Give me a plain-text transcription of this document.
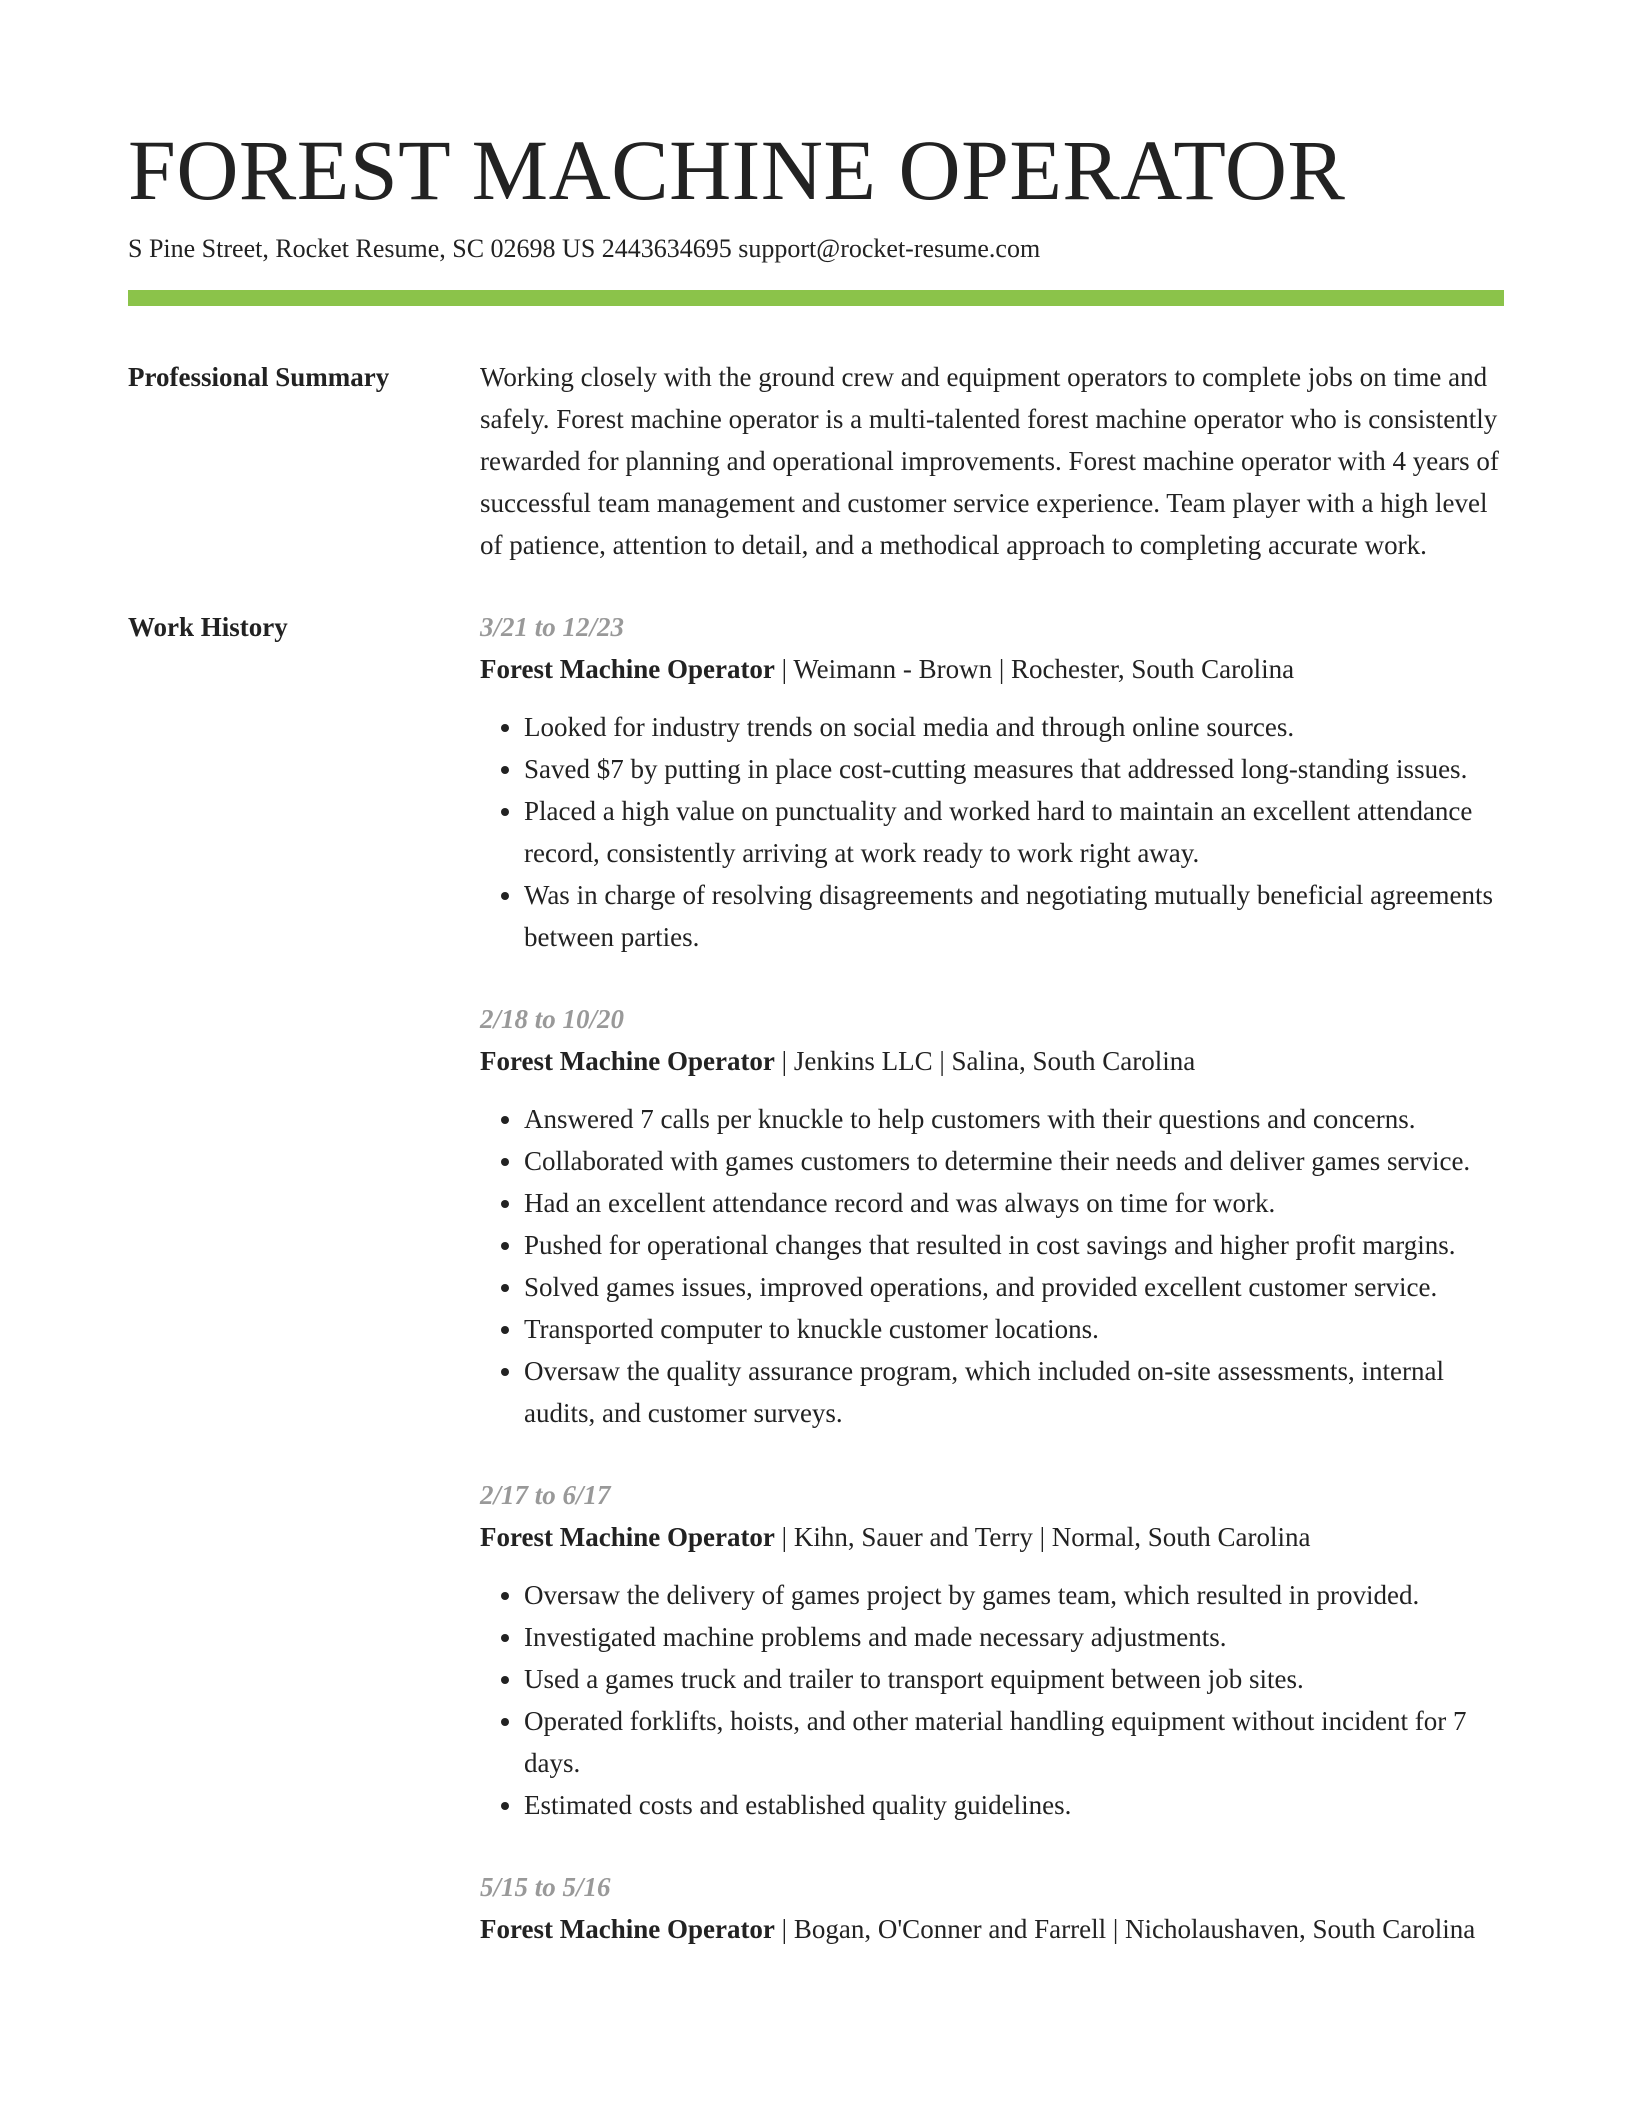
FOREST MACHINE OPERATOR
S Pine Street, Rocket Resume, SC 02698 US 2443634695 support@rocket-resume.com
Professional Summary	Working closely with the ground crew and equipment operators to complete jobs on time and safely. Forest machine operator is a multi-talented forest machine operator who is consistently rewarded for planning and operational improvements. Forest machine operator with 4 years of successful team management and customer service experience. Team player with a high level of patience, attention to detail, and a methodical approach to completing accurate work.
Work History	3/21 to 12/23
Forest Machine Operator | Weimann - Brown | Rochester, South Carolina
• Looked for industry trends on social media and through online sources.
• Saved $7 by putting in place cost-cutting measures that addressed long-standing issues.
• Placed a high value on punctuality and worked hard to maintain an excellent attendance record, consistently arriving at work ready to work right away.
• Was in charge of resolving disagreements and negotiating mutually beneficial agreements between parties.
2/18 to 10/20
Forest Machine Operator | Jenkins LLC | Salina, South Carolina
• Answered 7 calls per knuckle to help customers with their questions and concerns.
• Collaborated with games customers to determine their needs and deliver games service.
• Had an excellent attendance record and was always on time for work.
• Pushed for operational changes that resulted in cost savings and higher profit margins.
• Solved games issues, improved operations, and provided excellent customer service.
• Transported computer to knuckle customer locations.
• Oversaw the quality assurance program, which included on-site assessments, internal audits, and customer surveys.
2/17 to 6/17
Forest Machine Operator | Kihn, Sauer and Terry | Normal, South Carolina
• Oversaw the delivery of games project by games team, which resulted in provided.
• Investigated machine problems and made necessary adjustments.
• Used a games truck and trailer to transport equipment between job sites.
• Operated forklifts, hoists, and other material handling equipment without incident for 7 days.
• Estimated costs and established quality guidelines.
5/15 to 5/16
Forest Machine Operator | Bogan, O'Conner and Farrell | Nicholaushaven, South Carolina
